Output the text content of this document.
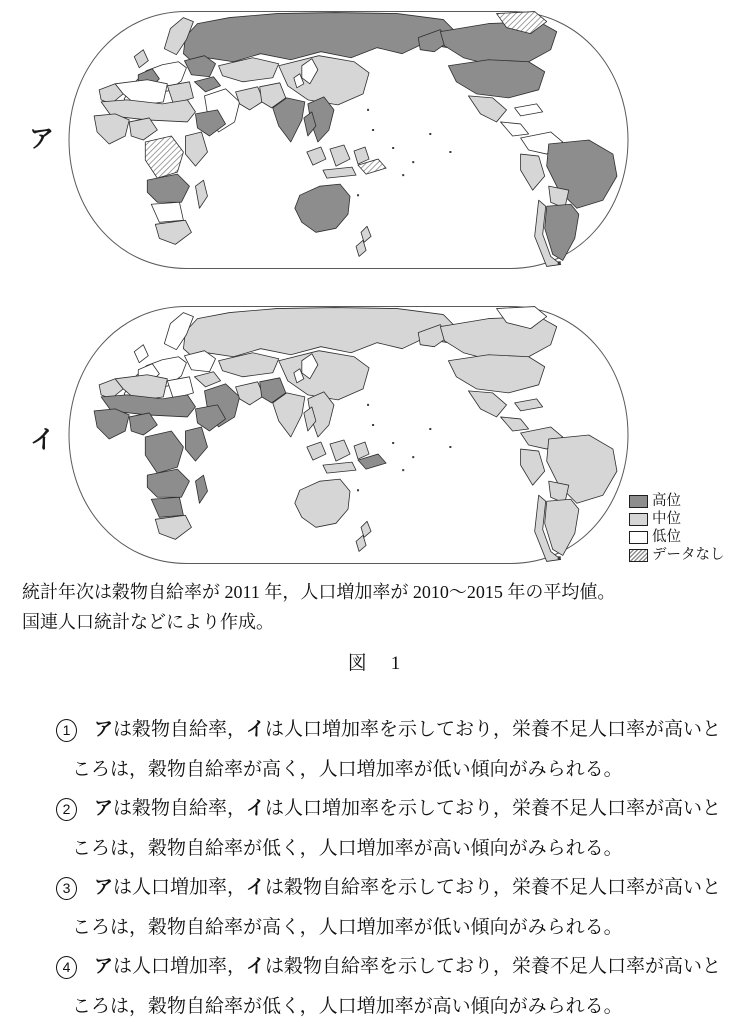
ア
イ
高位
中位
低位
データなし
統計年次は穀物自給率が 2011 年，人口増加率が 2010〜2015 年の平均値。
国連人口統計などにより作成。
図 1
1	アは穀物自給率，イは人口増加率を示しており，栄養不足人口率が高いと
ころは，穀物自給率が高く，人口増加率が低い傾向がみられる。

2	アは穀物自給率，イは人口増加率を示しており，栄養不足人口率が高いと
ころは，穀物自給率が低く，人口増加率が高い傾向がみられる。

3	アは人口増加率，イは穀物自給率を示しており，栄養不足人口率が高いと
ころは，穀物自給率が高く，人口増加率が低い傾向がみられる。

4	アは人口増加率，イは穀物自給率を示しており，栄養不足人口率が高いと
ころは，穀物自給率が低く，人口増加率が高い傾向がみられる。
